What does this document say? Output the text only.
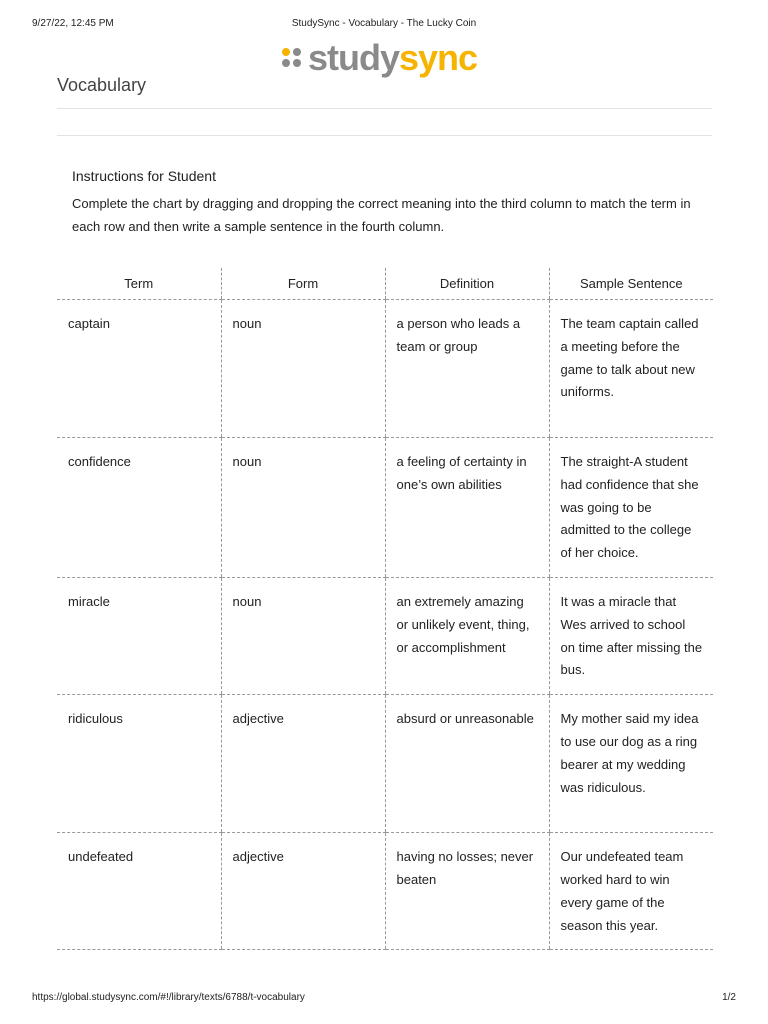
9/27/22, 12:45 PM	StudySync - Vocabulary - The Lucky Coin
studysync
Vocabulary
Instructions for Student
Complete the chart by dragging and dropping the correct meaning into the third column to match the term in each row and then write a sample sentence in the fourth column.
Term	Form	Definition	Sample Sentence
captain	noun	a person who leads a team or group	The team captain called a meeting before the game to talk about new uniforms.
confidence	noun	a feeling of certainty in one’s own abilities	The straight-A student had confidence that she was going to be admitted to the college of her choice.
miracle	noun	an extremely amazing or unlikely event, thing, or accomplishment	It was a miracle that Wes arrived to school on time after missing the bus.
ridiculous	adjective	absurd or unreasonable	My mother said my idea to use our dog as a ring bearer at my wedding was ridiculous.
undefeated	adjective	having no losses; never beaten	Our undefeated team worked hard to win every game of the season this year.
https://global.studysync.com/#!/library/texts/6788/t-vocabulary	1/2
